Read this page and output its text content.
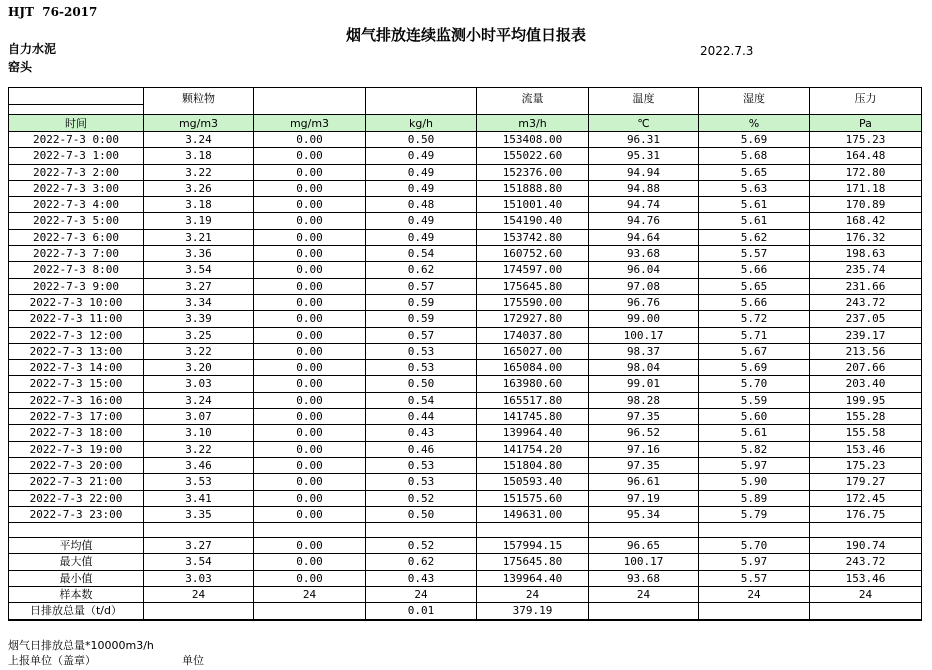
HJT  76-2017
烟气排放连续监测小时平均值日报表
自力水泥
窑头
2022.7.3
	颗粒物			流量	温度	湿度	压力

时间	mg/m3	mg/m3	kg/h	m3/h	℃	%	Pa
2022-7-3 0:00	3.24	0.00	0.50	153408.00	96.31	5.69	175.23
2022-7-3 1:00	3.18	0.00	0.49	155022.60	95.31	5.68	164.48
2022-7-3 2:00	3.22	0.00	0.49	152376.00	94.94	5.65	172.80
2022-7-3 3:00	3.26	0.00	0.49	151888.80	94.88	5.63	171.18
2022-7-3 4:00	3.18	0.00	0.48	151001.40	94.74	5.61	170.89
2022-7-3 5:00	3.19	0.00	0.49	154190.40	94.76	5.61	168.42
2022-7-3 6:00	3.21	0.00	0.49	153742.80	94.64	5.62	176.32
2022-7-3 7:00	3.36	0.00	0.54	160752.60	93.68	5.57	198.63
2022-7-3 8:00	3.54	0.00	0.62	174597.00	96.04	5.66	235.74
2022-7-3 9:00	3.27	0.00	0.57	175645.80	97.08	5.65	231.66
2022-7-3 10:00	3.34	0.00	0.59	175590.00	96.76	5.66	243.72
2022-7-3 11:00	3.39	0.00	0.59	172927.80	99.00	5.72	237.05
2022-7-3 12:00	3.25	0.00	0.57	174037.80	100.17	5.71	239.17
2022-7-3 13:00	3.22	0.00	0.53	165027.00	98.37	5.67	213.56
2022-7-3 14:00	3.20	0.00	0.53	165084.00	98.04	5.69	207.66
2022-7-3 15:00	3.03	0.00	0.50	163980.60	99.01	5.70	203.40
2022-7-3 16:00	3.24	0.00	0.54	165517.80	98.28	5.59	199.95
2022-7-3 17:00	3.07	0.00	0.44	141745.80	97.35	5.60	155.28
2022-7-3 18:00	3.10	0.00	0.43	139964.40	96.52	5.61	155.58
2022-7-3 19:00	3.22	0.00	0.46	141754.20	97.16	5.82	153.46
2022-7-3 20:00	3.46	0.00	0.53	151804.80	97.35	5.97	175.23
2022-7-3 21:00	3.53	0.00	0.53	150593.40	96.61	5.90	179.27
2022-7-3 22:00	3.41	0.00	0.52	151575.60	97.19	5.89	172.45
2022-7-3 23:00	3.35	0.00	0.50	149631.00	95.34	5.79	176.75

平均值	3.27	0.00	0.52	157994.15	96.65	5.70	190.74
最大值	3.54	0.00	0.62	175645.80	100.17	5.97	243.72
最小值	3.03	0.00	0.43	139964.40	93.68	5.57	153.46
样本数	24	24	24	24	24	24	24
日排放总量（t/d）			0.01	379.19			
烟气日排放总量*10000m3/h
上报单位（盖章）	单位
